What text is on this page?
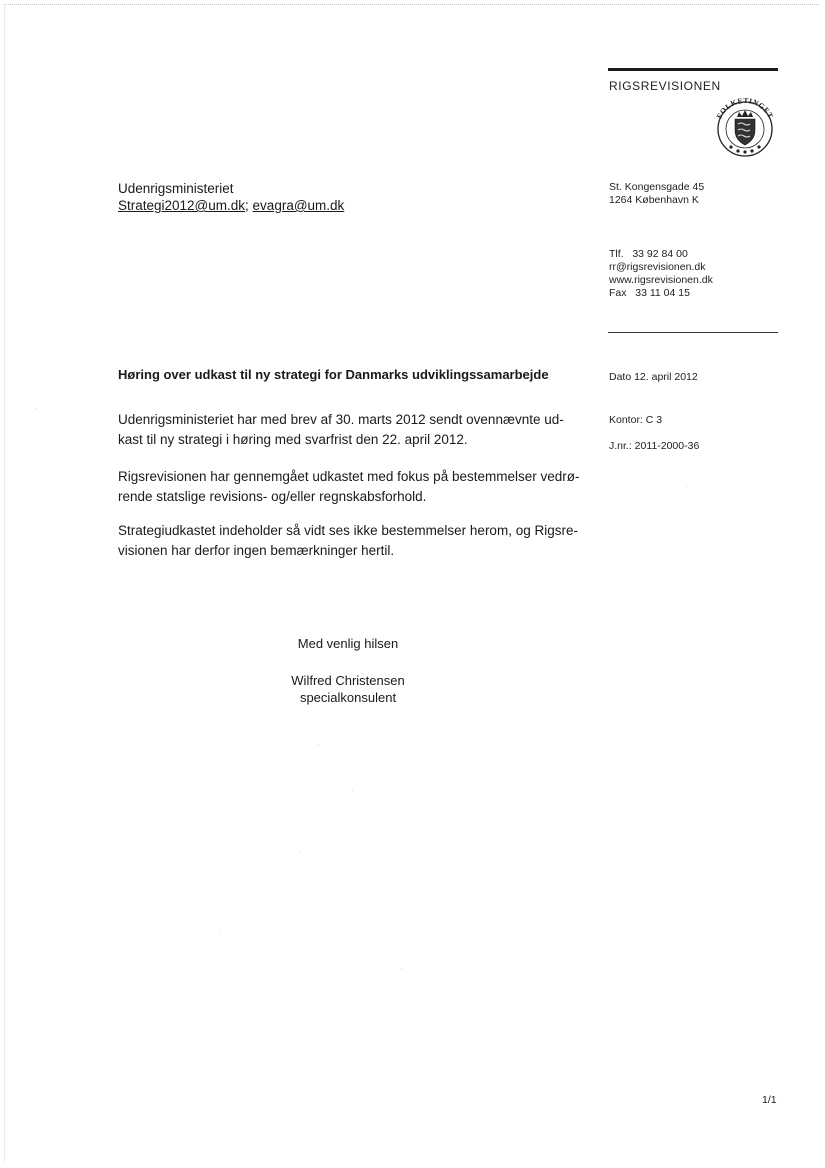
RIGSREVISIONEN
FOLKETINGET
Udenrigsministeriet
Strategi2012@um.dk; evagra@um.dk
St. Kongensgade 45
1264 København K

Tlf.   33 92 84 00

Fax   33 11 04 15

rr@rigsrevisionen.dk
www.rigsrevisionen.dk
Dato 12. april 2012
Kontor: C 3
J.nr.: 2011-2000-36
Høring over udkast til ny strategi for Danmarks udviklingssamarbejde
Udenrigsministeriet har med brev af 30. marts 2012 sendt ovennævnte ud-
kast til ny strategi i høring med svarfrist den 22. april 2012.
Rigsrevisionen har gennemgået udkastet med fokus på bestemmelser vedrø-
rende statslige revisions- og/eller regnskabsforhold.
Strategiudkastet indeholder så vidt ses ikke bestemmelser herom, og Rigsre-
visionen har derfor ingen bemærkninger hertil.
Med venlig hilsen
Wilfred Christensen
specialkonsulent
1/1
